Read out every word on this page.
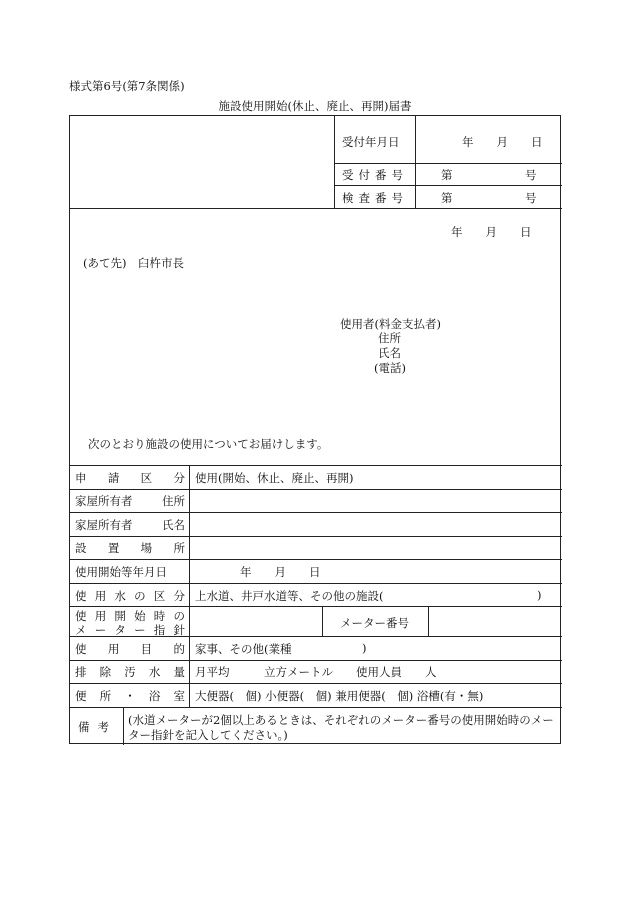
様式第6号(第7条関係)
施設使用開始(休止、廃止、再開)届書
受付年月日	年　　月　　日
受付番号	第	号
検査番号	第	号
年　　月　　日
(あて先)　臼杵市長
使用者(料金支払者)
住所
氏名
(電話)
次のとおり施設の使用についてお届けします。
申 請 区 分 使用(開始、休止、廃止、再開)
家屋所有者	住所
家屋所有者	氏名
設 置 場 所
使用開始等年月日	年　　月　　日
使 用 水 の 区 分 上水道、井戸水道等、その他の施設(	)
使 用 開 始 時 の
メ ー タ ー 指 針	メーター番号
使 用 目 的 家事、その他(業種	)
排 除 汚 水 量 月平均　　　立方メートル　　使用人員　　人
便 所 ・ 浴 室 大便器(　個) 小便器(　個) 兼用便器(　個) 浴槽(有・無)
備考 (水道メーターが2個以上あるときは、それぞれのメーター番号の使用開始時のメー
ター指針を記入してください。)
